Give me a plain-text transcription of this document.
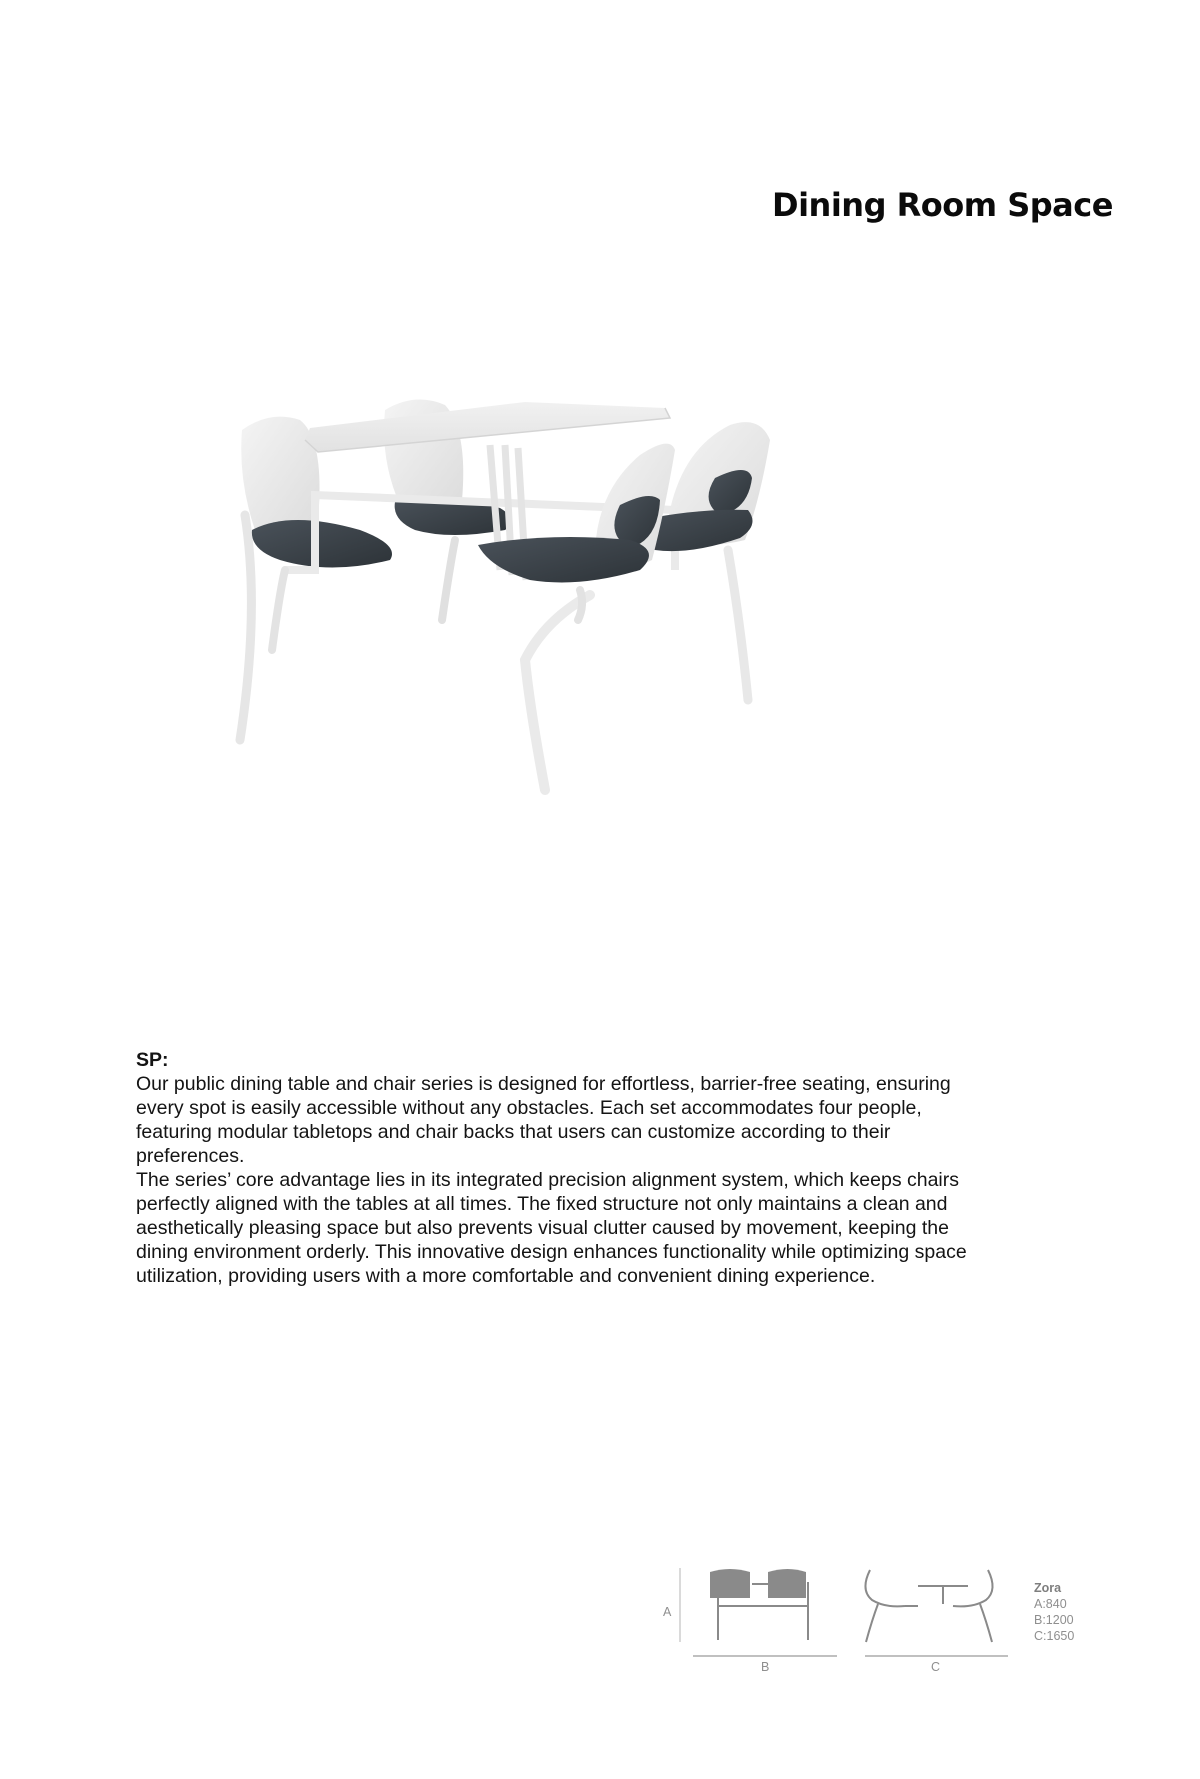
Dining Room Space
SP:

Our public dining table and chair series is designed for effortless, barrier-free seating, ensuring every spot is easily accessible without any obstacles. Each set accommodates four people, featuring modular tabletops and chair backs that users can customize according to their preferences.

The series’ core advantage lies in its integrated precision alignment system, which keeps chairs perfectly aligned with the tables at all times. The fixed structure not only maintains a clean and aesthetically pleasing space but also prevents visual clutter caused by movement, keeping the dining environment orderly. This innovative design enhances functionality while optimizing space utilization, providing users with a more comfortable and convenient dining experience.

A
B	C
Zora
A:840
B:1200
C:1650
